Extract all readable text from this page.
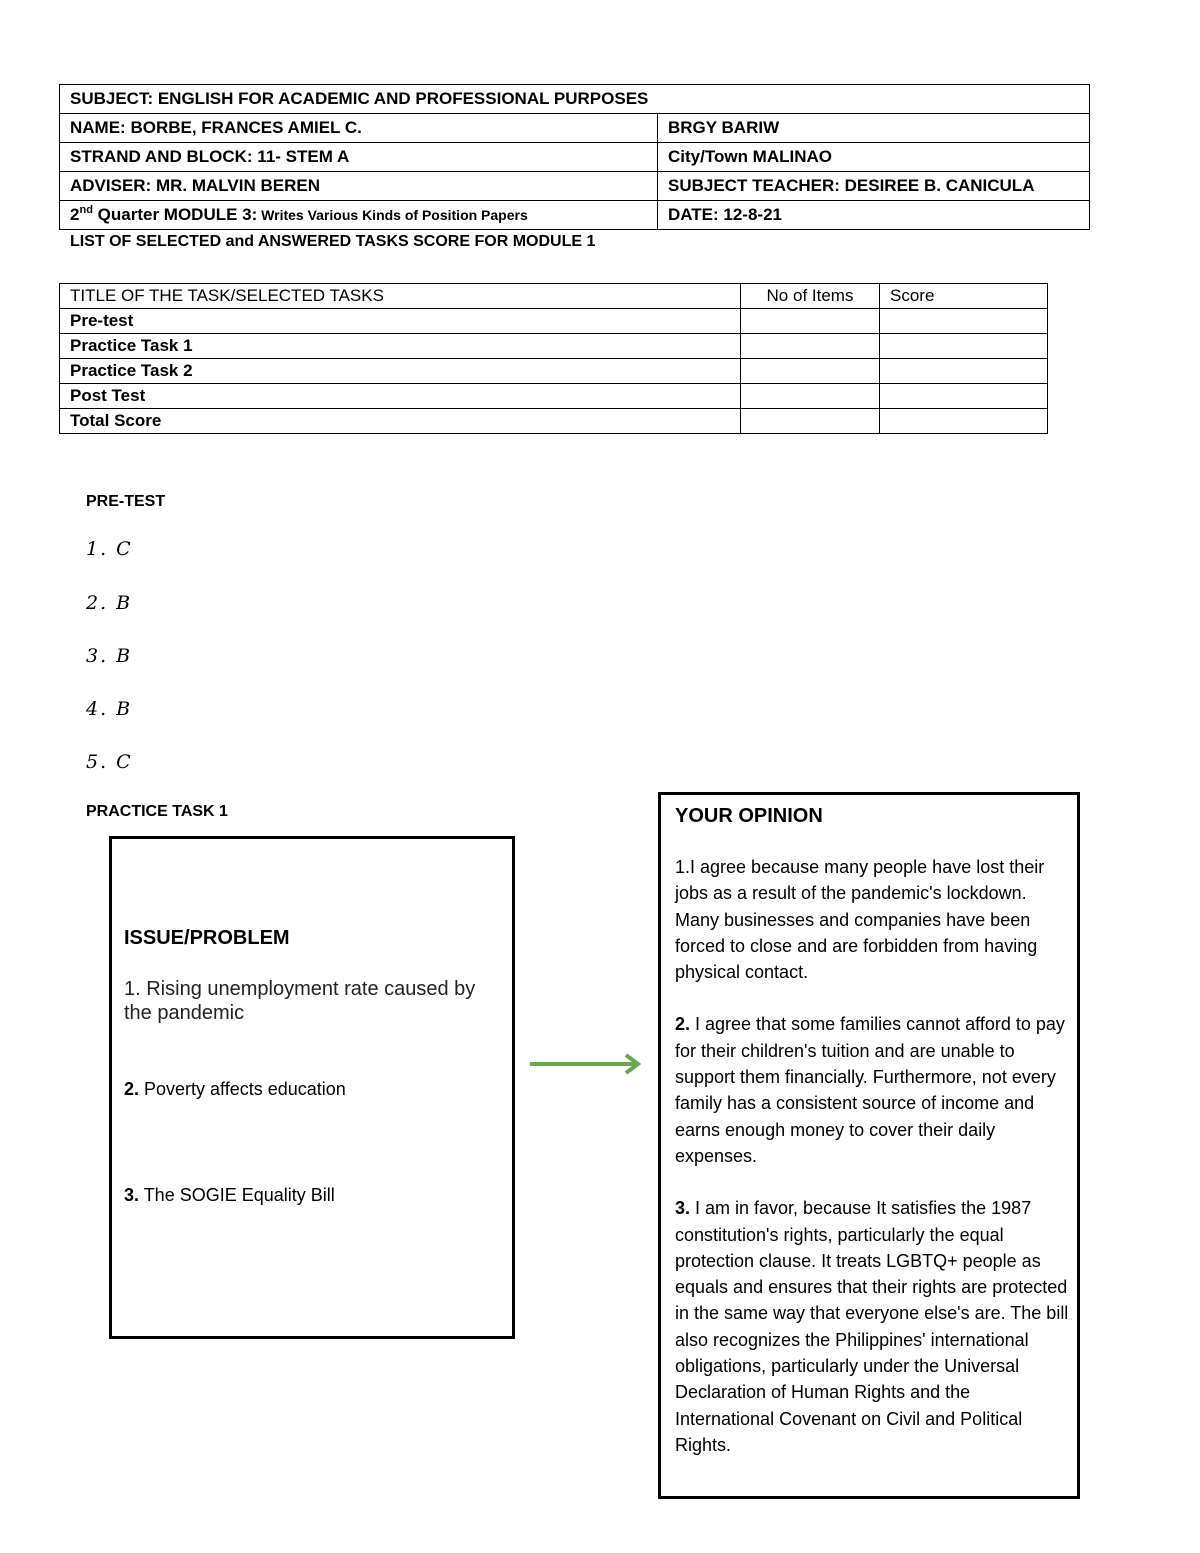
SUBJECT: ENGLISH FOR ACADEMIC AND PROFESSIONAL PURPOSES	
NAME: BORBE, FRANCES AMIEL C.	BRGY BARIW
STRAND AND BLOCK: 11- STEM A	City/Town MALINAO
ADVISER: MR. MALVIN BEREN	SUBJECT TEACHER: DESIREE B. CANICULA
2nd Quarter MODULE 3: Writes Various Kinds of Position Papers	DATE: 12-8-21
LIST OF SELECTED and ANSWERED TASKS SCORE FOR MODULE 1
TITLE OF THE TASK/SELECTED TASKS	No of Items	Score
Pre-test		
Practice Task 1		
Practice Task 2		
Post Test		
Total Score		
PRE-TEST
1. C
2. B
3. B
4. B
5. C
PRACTICE TASK 1
ISSUE/PROBLEM
1. Rising unemployment rate caused by the pandemic
2. Poverty affects education
3. The SOGIE Equality Bill
YOUR OPINION

1.I agree because many people have lost their jobs as a result of the pandemic's lockdown. Many businesses and companies have been forced to close and are forbidden from having physical contact.

2. I agree that some families cannot afford to pay for their children's tuition and are unable to support them financially. Furthermore, not every family has a consistent source of income and earns enough money to cover their daily expenses.

3. I am in favor, because It satisfies the 1987 constitution's rights, particularly the equal protection clause. It treats LGBTQ+ people as equals and ensures that their rights are protected in the same way that everyone else's are. The bill also recognizes the Philippines' international obligations, particularly under the Universal Declaration of Human Rights and the International Covenant on Civil and Political Rights.
